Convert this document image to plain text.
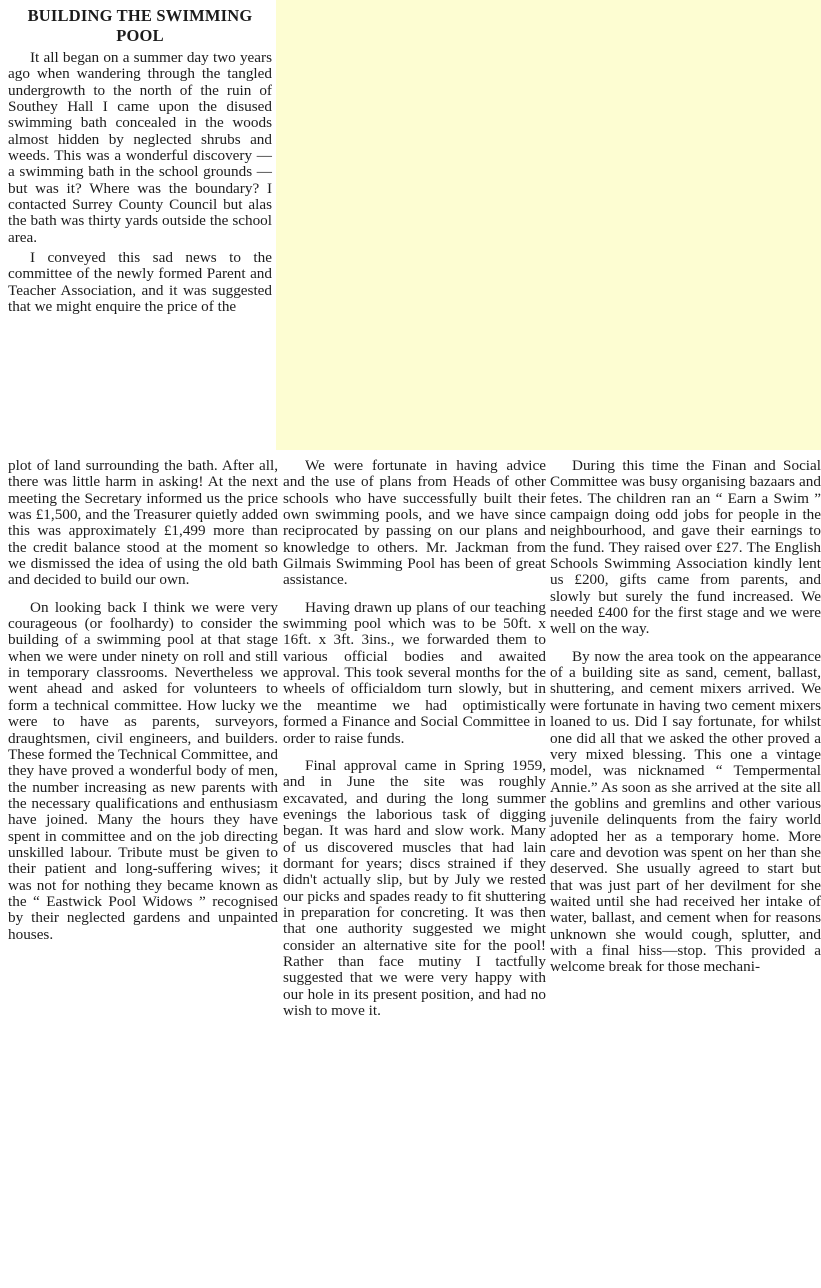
BUILDING THE SWIMMING POOL

It all began on a summer day two years ago when wandering through the tangled undergrowth to the north of the ruin of Southey Hall I came upon the disused swimming bath concealed in the woods almost hidden by neglected shrubs and weeds. This was a wonderful discovery — a swimming bath in the school grounds — but was it? Where was the boundary? I contacted Surrey County Council but alas the bath was thirty yards outside the school area.

I conveyed this sad news to the committee of the newly formed Parent and Teacher Association, and it was suggested that we might enquire the price of the

plot of land surrounding the bath. After all, there was little harm in asking! At the next meeting the Secretary informed us the price was £1,500, and the Treasurer quietly added this was approximately £1,499 more than the credit balance stood at the moment so we dismissed the idea of using the old bath and decided to build our own.

On looking back I think we were very courageous (or foolhardy) to consider the building of a swimming pool at that stage when we were under ninety on roll and still in temporary classrooms. Nevertheless we went ahead and asked for volunteers to form a technical committee. How lucky we were to have as parents, surveyors, draughtsmen, civil engineers, and builders. These formed the Technical Committee, and they have proved a wonderful body of men, the number increasing as new parents with the necessary qualifications and enthusiasm have joined. Many the hours they have spent in committee and on the job directing unskilled labour. Tribute must be given to their patient and long-suffering wives; it was not for nothing they became known as the “ Eastwick Pool Widows ” recognised by their neglected gardens and unpainted houses.

We were fortunate in having advice and the use of plans from Heads of other schools who have successfully built their own swimming pools, and we have since reciprocated by passing on our plans and knowledge to others. Mr. Jackman from Gilmais Swimming Pool has been of great assistance.

Having drawn up plans of our teaching swimming pool which was to be 50ft. x 16ft. x 3ft. 3ins., we forwarded them to various official bodies and awaited approval. This took several months for the wheels of officialdom turn slowly, but in the meantime we had optimistically formed a Finance and Social Committee in order to raise funds.

Final approval came in Spring 1959, and in June the site was roughly excavated, and during the long summer evenings the laborious task of digging began. It was hard and slow work. Many of us discovered muscles that had lain dormant for years; discs strained if they didn't actually slip, but by July we rested our picks and spades ready to fit shuttering in preparation for concreting. It was then that one authority suggested we might consider an alternative site for the pool! Rather than face mutiny I tactfully suggested that we were very happy with our hole in its present position, and had no wish to move it.

During this time the Finan and Social Committee was busy organising bazaars and fetes. The children ran an “ Earn a Swim ” campaign doing odd jobs for people in the neighbourhood, and gave their earnings to the fund. They raised over £27. The English Schools Swimming Association kindly lent us £200, gifts came from parents, and slowly but surely the fund increased. We needed £400 for the first stage and we were well on the way.

By now the area took on the appearance of a building site as sand, cement, ballast, shuttering, and cement mixers arrived. We were fortunate in having two cement mixers loaned to us. Did I say fortunate, for whilst one did all that we asked the other proved a very mixed blessing. This one a vintage model, was nicknamed “ Tempermental Annie.” As soon as she arrived at the site all the goblins and gremlins and other various juvenile delinquents from the fairy world adopted her as a temporary home. More care and devotion was spent on her than she deserved. She usually agreed to start but that was just part of her devilment for she waited until she had received her intake of water, ballast, and cement when for reasons unknown she would cough, splutter, and with a final hiss—stop. This provided a welcome break for those mechani-
